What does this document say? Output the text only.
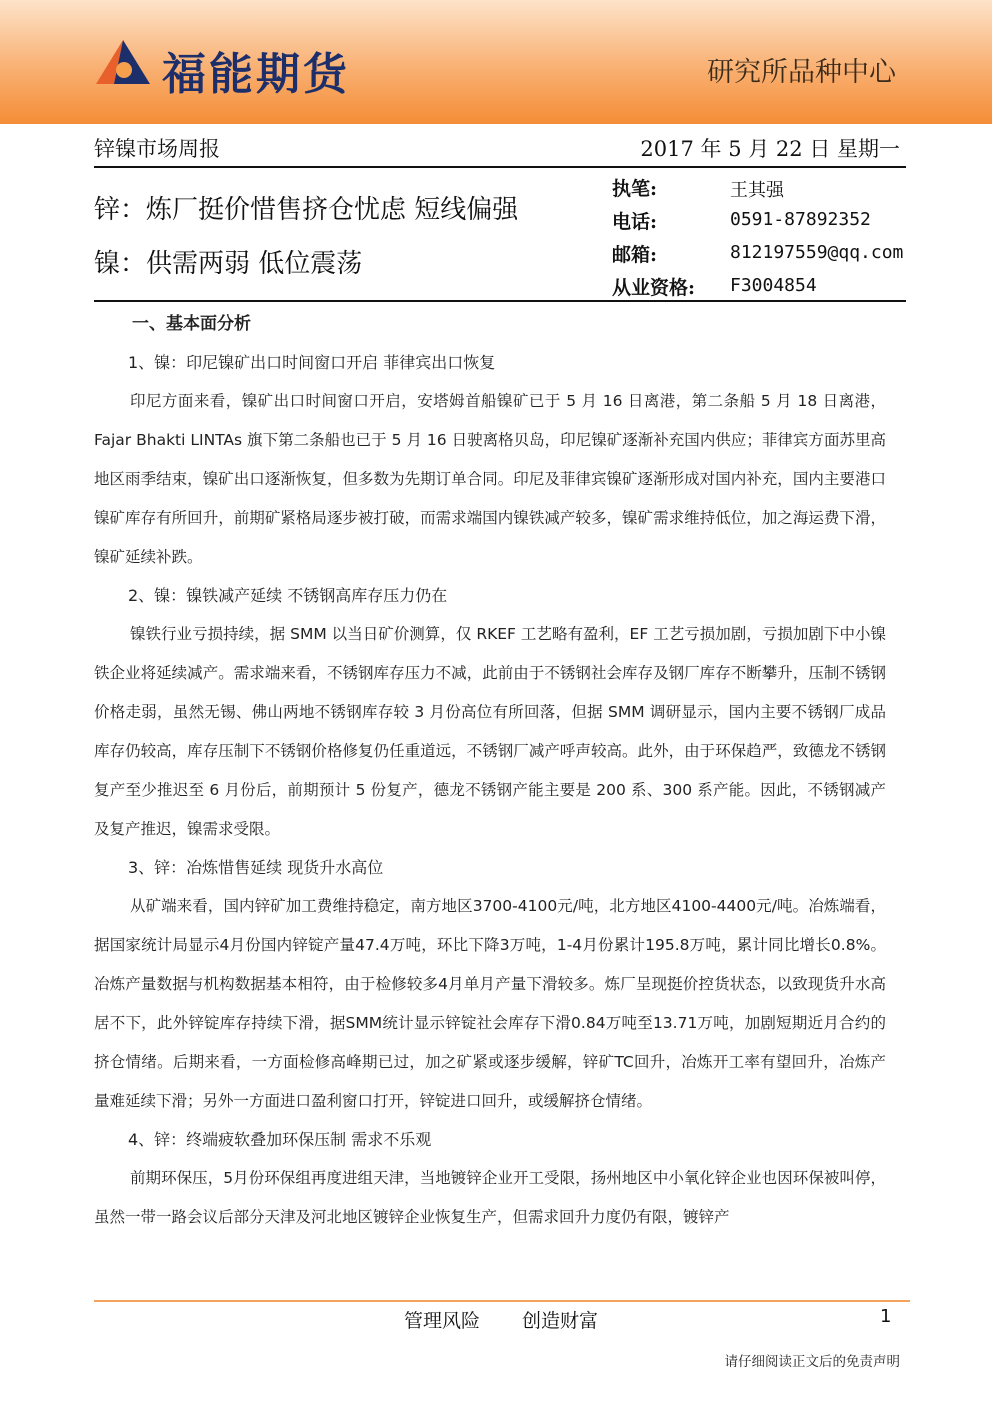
福能期货	研究所品种中心
锌镍市场周报	2017 年 5 月 22 日 星期一
锌：炼厂挺价惜售挤仓忧虑 短线偏强
镍：供需两弱 低位震荡
执笔:	王其强
电话:	0591-87892352
邮箱:	812197559@qq.com
从业资格: F3004854
一、基本面分析
1、镍：印尼镍矿出口时间窗口开启 菲律宾出口恢复

印尼方面来看，镍矿出口时间窗口开启，安塔姆首船镍矿已于 5 月 16 日离港，第二条船 5 月 18 日离港，Fajar Bhakti LINTAs 旗下第二条船也已于 5 月 16 日驶离格贝岛，印尼镍矿逐渐补充国内供应；菲律宾方面苏里高地区雨季结束，镍矿出口逐渐恢复，但多数为先期订单合同。印尼及菲律宾镍矿逐渐形成对国内补充，国内主要港口镍矿库存有所回升，前期矿紧格局逐步被打破，而需求端国内镍铁减产较多，镍矿需求维持低位，加之海运费下滑，镍矿延续补跌。

2、镍：镍铁减产延续 不锈钢高库存压力仍在

镍铁行业亏损持续，据 SMM 以当日矿价测算，仅 RKEF 工艺略有盈利，EF 工艺亏损加剧，亏损加剧下中小镍铁企业将延续减产。需求端来看，不锈钢库存压力不减，此前由于不锈钢社会库存及钢厂库存不断攀升，压制不锈钢价格走弱，虽然无锡、佛山两地不锈钢库存较 3 月份高位有所回落，但据 SMM 调研显示，国内主要不锈钢厂成品库存仍较高，库存压制下不锈钢价格修复仍任重道远，不锈钢厂减产呼声较高。此外，由于环保趋严，致德龙不锈钢复产至少推迟至 6 月份后，前期预计 5 份复产，德龙不锈钢产能主要是 200 系、300 系产能。因此，不锈钢减产及复产推迟，镍需求受限。

3、锌：冶炼惜售延续 现货升水高位

从矿端来看，国内锌矿加工费维持稳定，南方地区3700-4100元/吨，北方地区4100-4400元/吨。冶炼端看，据国家统计局显示4月份国内锌锭产量47.4万吨，环比下降3万吨，1-4月份累计195.8万吨，累计同比增长0.8%。冶炼产量数据与机构数据基本相符，由于检修较多4月单月产量下滑较多。炼厂呈现挺价控货状态，以致现货升水高居不下，此外锌锭库存持续下滑，据SMM统计显示锌锭社会库存下滑0.84万吨至13.71万吨，加剧短期近月合约的挤仓情绪。后期来看，一方面检修高峰期已过，加之矿紧或逐步缓解，锌矿TC回升，冶炼开工率有望回升，冶炼产量难延续下滑；另外一方面进口盈利窗口打开，锌锭进口回升，或缓解挤仓情绪。

4、锌：终端疲软叠加环保压制 需求不乐观

前期环保压，5月份环保组再度进组天津，当地镀锌企业开工受限，扬州地区中小氧化锌企业也因环保被叫停，虽然一带一路会议后部分天津及河北地区镀锌企业恢复生产，但需求回升力度仍有限，镀锌产

管理风险 创造财富	1
请仔细阅读正文后的免责声明
